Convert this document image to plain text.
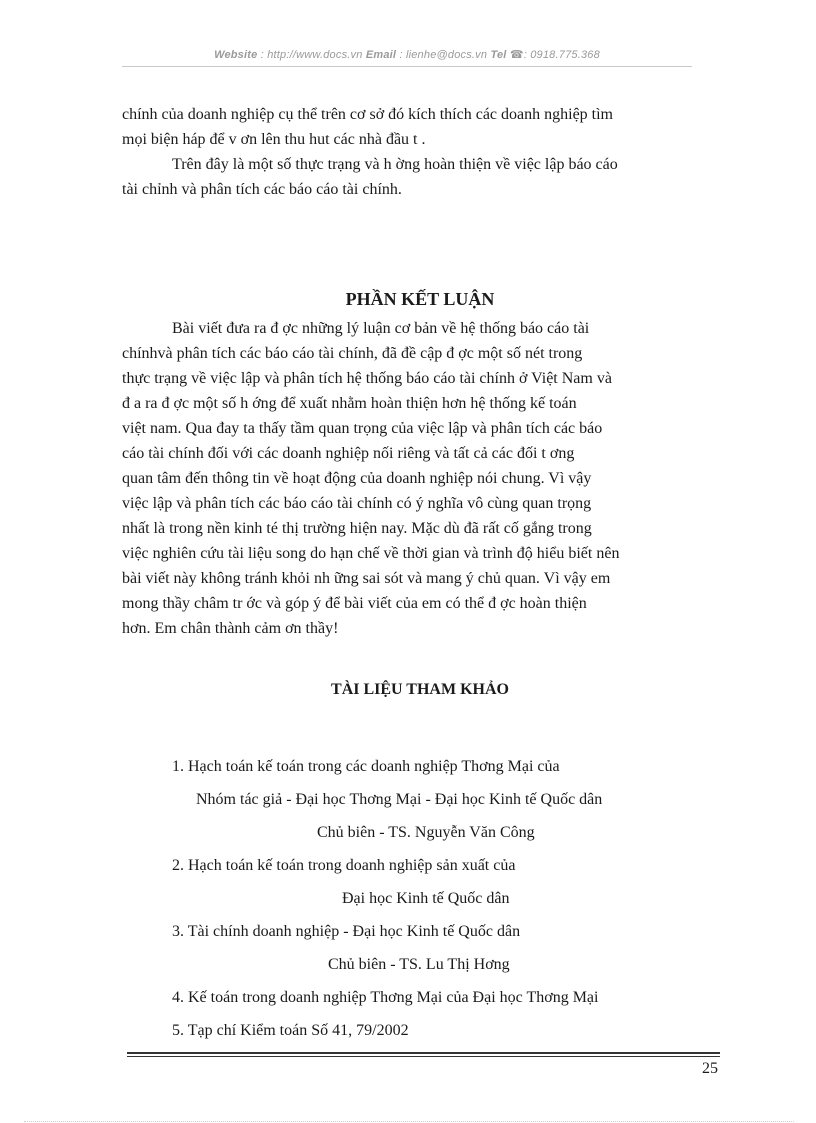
Website : http://www.docs.vn Email : lienhe@docs.vn Tel ☎: 0918.775.368

chính của doanh nghiệp cụ thể trên cơ sở đó kích thích các doanh nghiệp tìm

mọi biện háp để v ơn lên thu hut các nhà đầu t .

Trên đây là một số thực trạng và h ờng hoàn thiện về việc lập báo cáo

tài chỉnh và phân tích các báo cáo tài chính.

PHẦN KẾT LUẬN

Bài viết đưa ra đ ợc những lý luận cơ bản về hệ thống báo cáo tài

chínhvà phân tích các báo cáo tài chính, đã đề cập đ ợc một số nét trong

thực trạng về việc lập và phân tích hệ thống báo cáo tài chính ở Việt Nam và

đ a ra đ ợc một số h ớng để xuất nhằm hoàn thiện hơn hệ thống kế toán

việt nam. Qua đay ta thấy tầm quan trọng của việc lập và phân tích các báo

cáo tài chính đối với các doanh nghiệp nối riêng và tất cả các đối t ơng

quan tâm đến thông tin về hoạt động của doanh nghiệp nói chung. Vì vậy

việc lập và phân tích các báo cáo tài chính có ý nghĩa vô cùng quan trọng

nhất là trong nền kinh té thị trường hiện nay. Mặc dù đã rất cố gắng trong

việc nghiên cứu tài liệu song do hạn chế về thời gian và trình độ hiểu biết nên

bài viết này không tránh khỏi nh ững sai sót và mang ý chủ quan. Vì vậy em

mong thầy châm tr ớc và góp ý để bài viết của em có thể đ ợc hoàn thiện

hơn. Em chân thành cảm ơn thầy!

TÀI LIỆU THAM KHẢO
1. Hạch toán kế toán trong các doanh nghiệp Thơng Mại của
Nhóm tác giả - Đại học Thơng Mại - Đại học Kinh tế Quốc dân
Chủ biên - TS. Nguyễn Văn Công
2. Hạch toán kế toán trong doanh nghiệp sản xuất của
Đại học Kinh tế Quốc dân
3. Tài chính doanh nghiệp - Đại học Kinh tế Quốc dân
Chủ biên - TS. Lu Thị Hơng
4. Kế toán trong doanh nghiệp Thơng Mại của Đại học Thơng Mại
5. Tạp chí Kiểm toán Số 41, 79/2002
25
